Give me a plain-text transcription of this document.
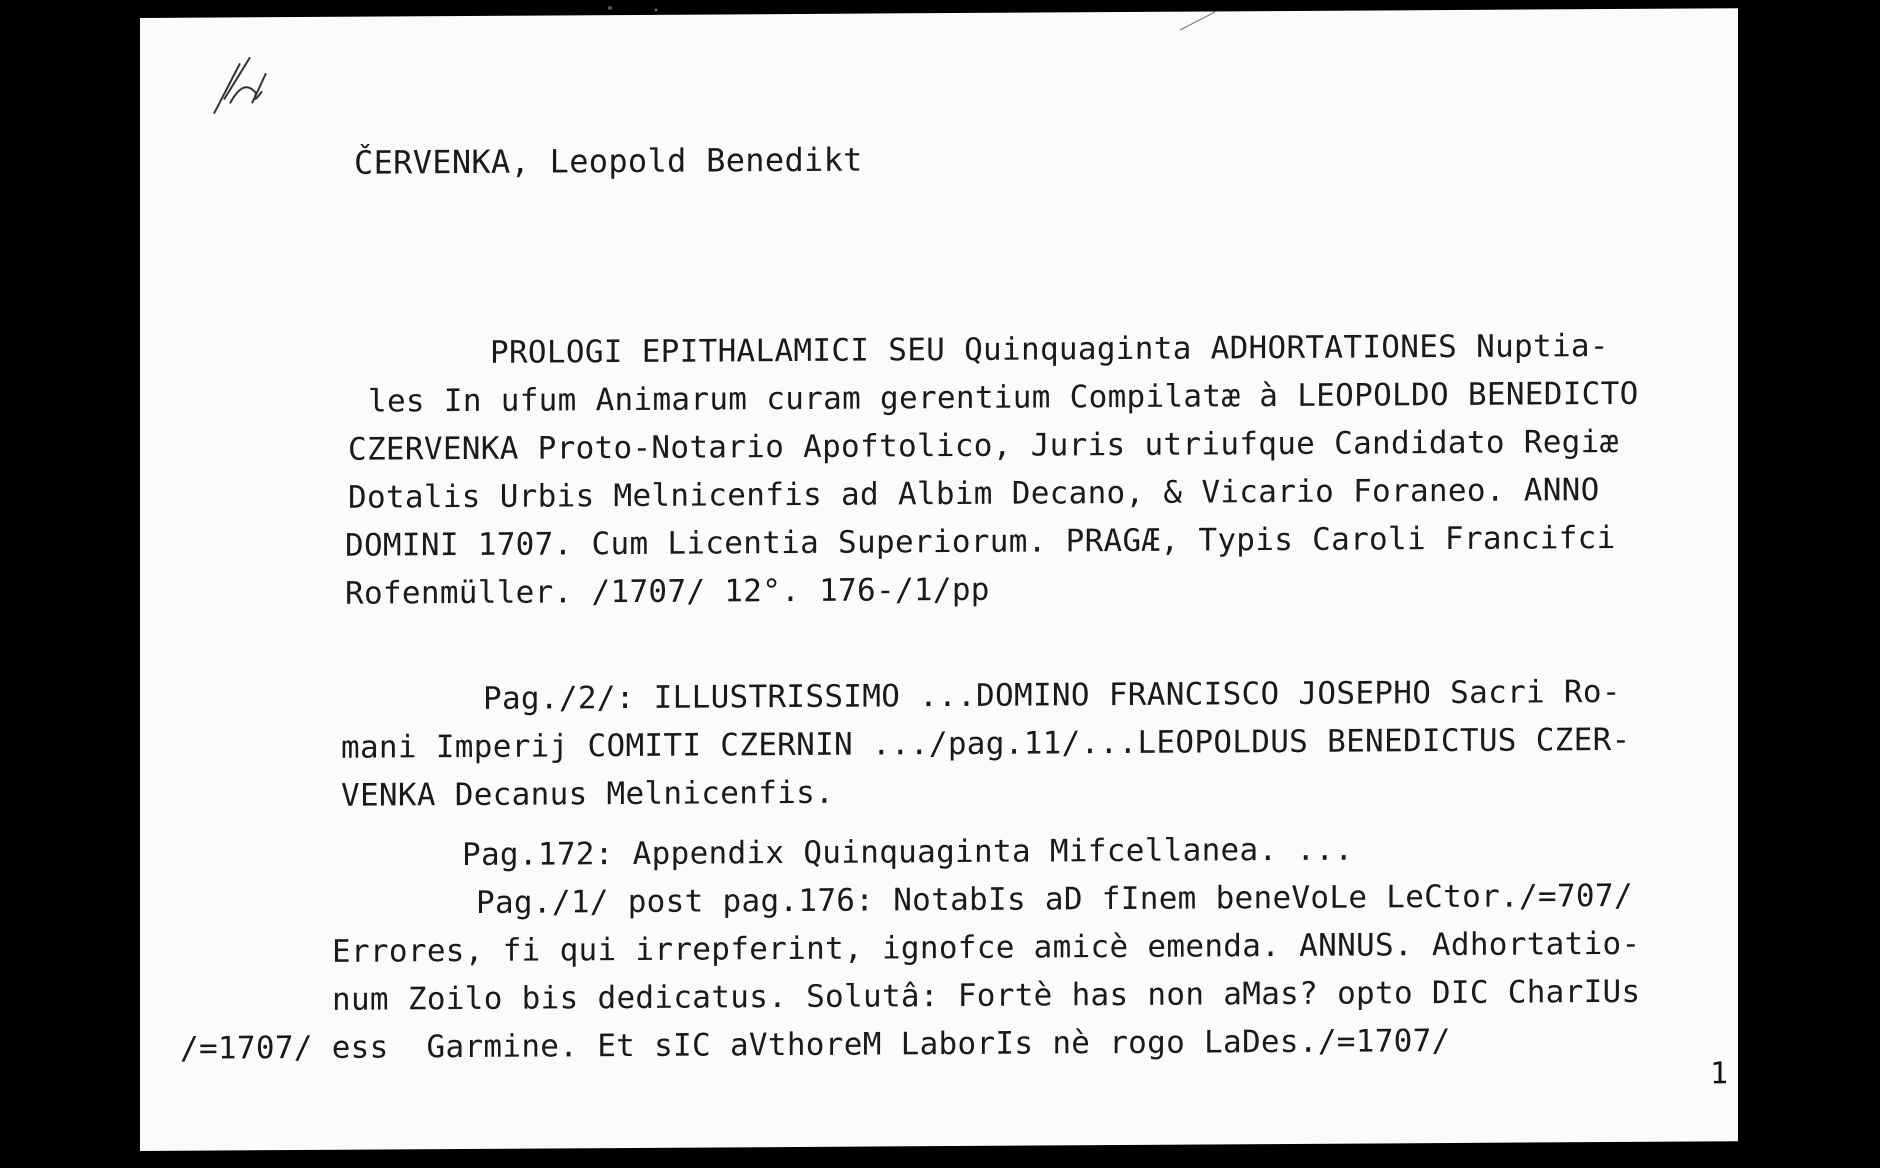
ČERVENKA, Leopold Benedikt
PROLOGI EPITHALAMICI SEU Quinquaginta ADHORTATIONES Nuptia-
les In ufum Animarum curam gerentium Compilatæ à LEOPOLDO BENEDICTO
CZERVENKA Proto-Notario Apoftolico, Juris utriufque Candidato Regiæ
Dotalis Urbis Melnicenfis ad Albim Decano, & Vicario Foraneo. ANNO
DOMINI 1707. Cum Licentia Superiorum. PRAGÆ, Typis Caroli Francifci
Rofenmüller. /1707/ 12°. 176-/1/pp
Pag./2/: ILLUSTRISSIMO ...DOMINO FRANCISCO JOSEPHO Sacri Ro-
mani Imperij COMITI CZERNIN .../pag.11/...LEOPOLDUS BENEDICTUS CZER-
VENKA Decanus Melnicenfis.
Pag.172: Appendix Quinquaginta Mifcellanea. ...
Pag./1/ post pag.176: NotabIs aD fInem beneVoLe LeCtor./=707/
Errores, fi qui irrepferint, ignofce amicè emenda. ANNUS. Adhortatio-
num Zoilo bis dedicatus. Solutâ: Fortè has non aMas? opto DIC CharIUs
/=1707/ ess  Garmine. Et sIC aVthoreM LaborIs nè rogo LaDes./=1707/
1
